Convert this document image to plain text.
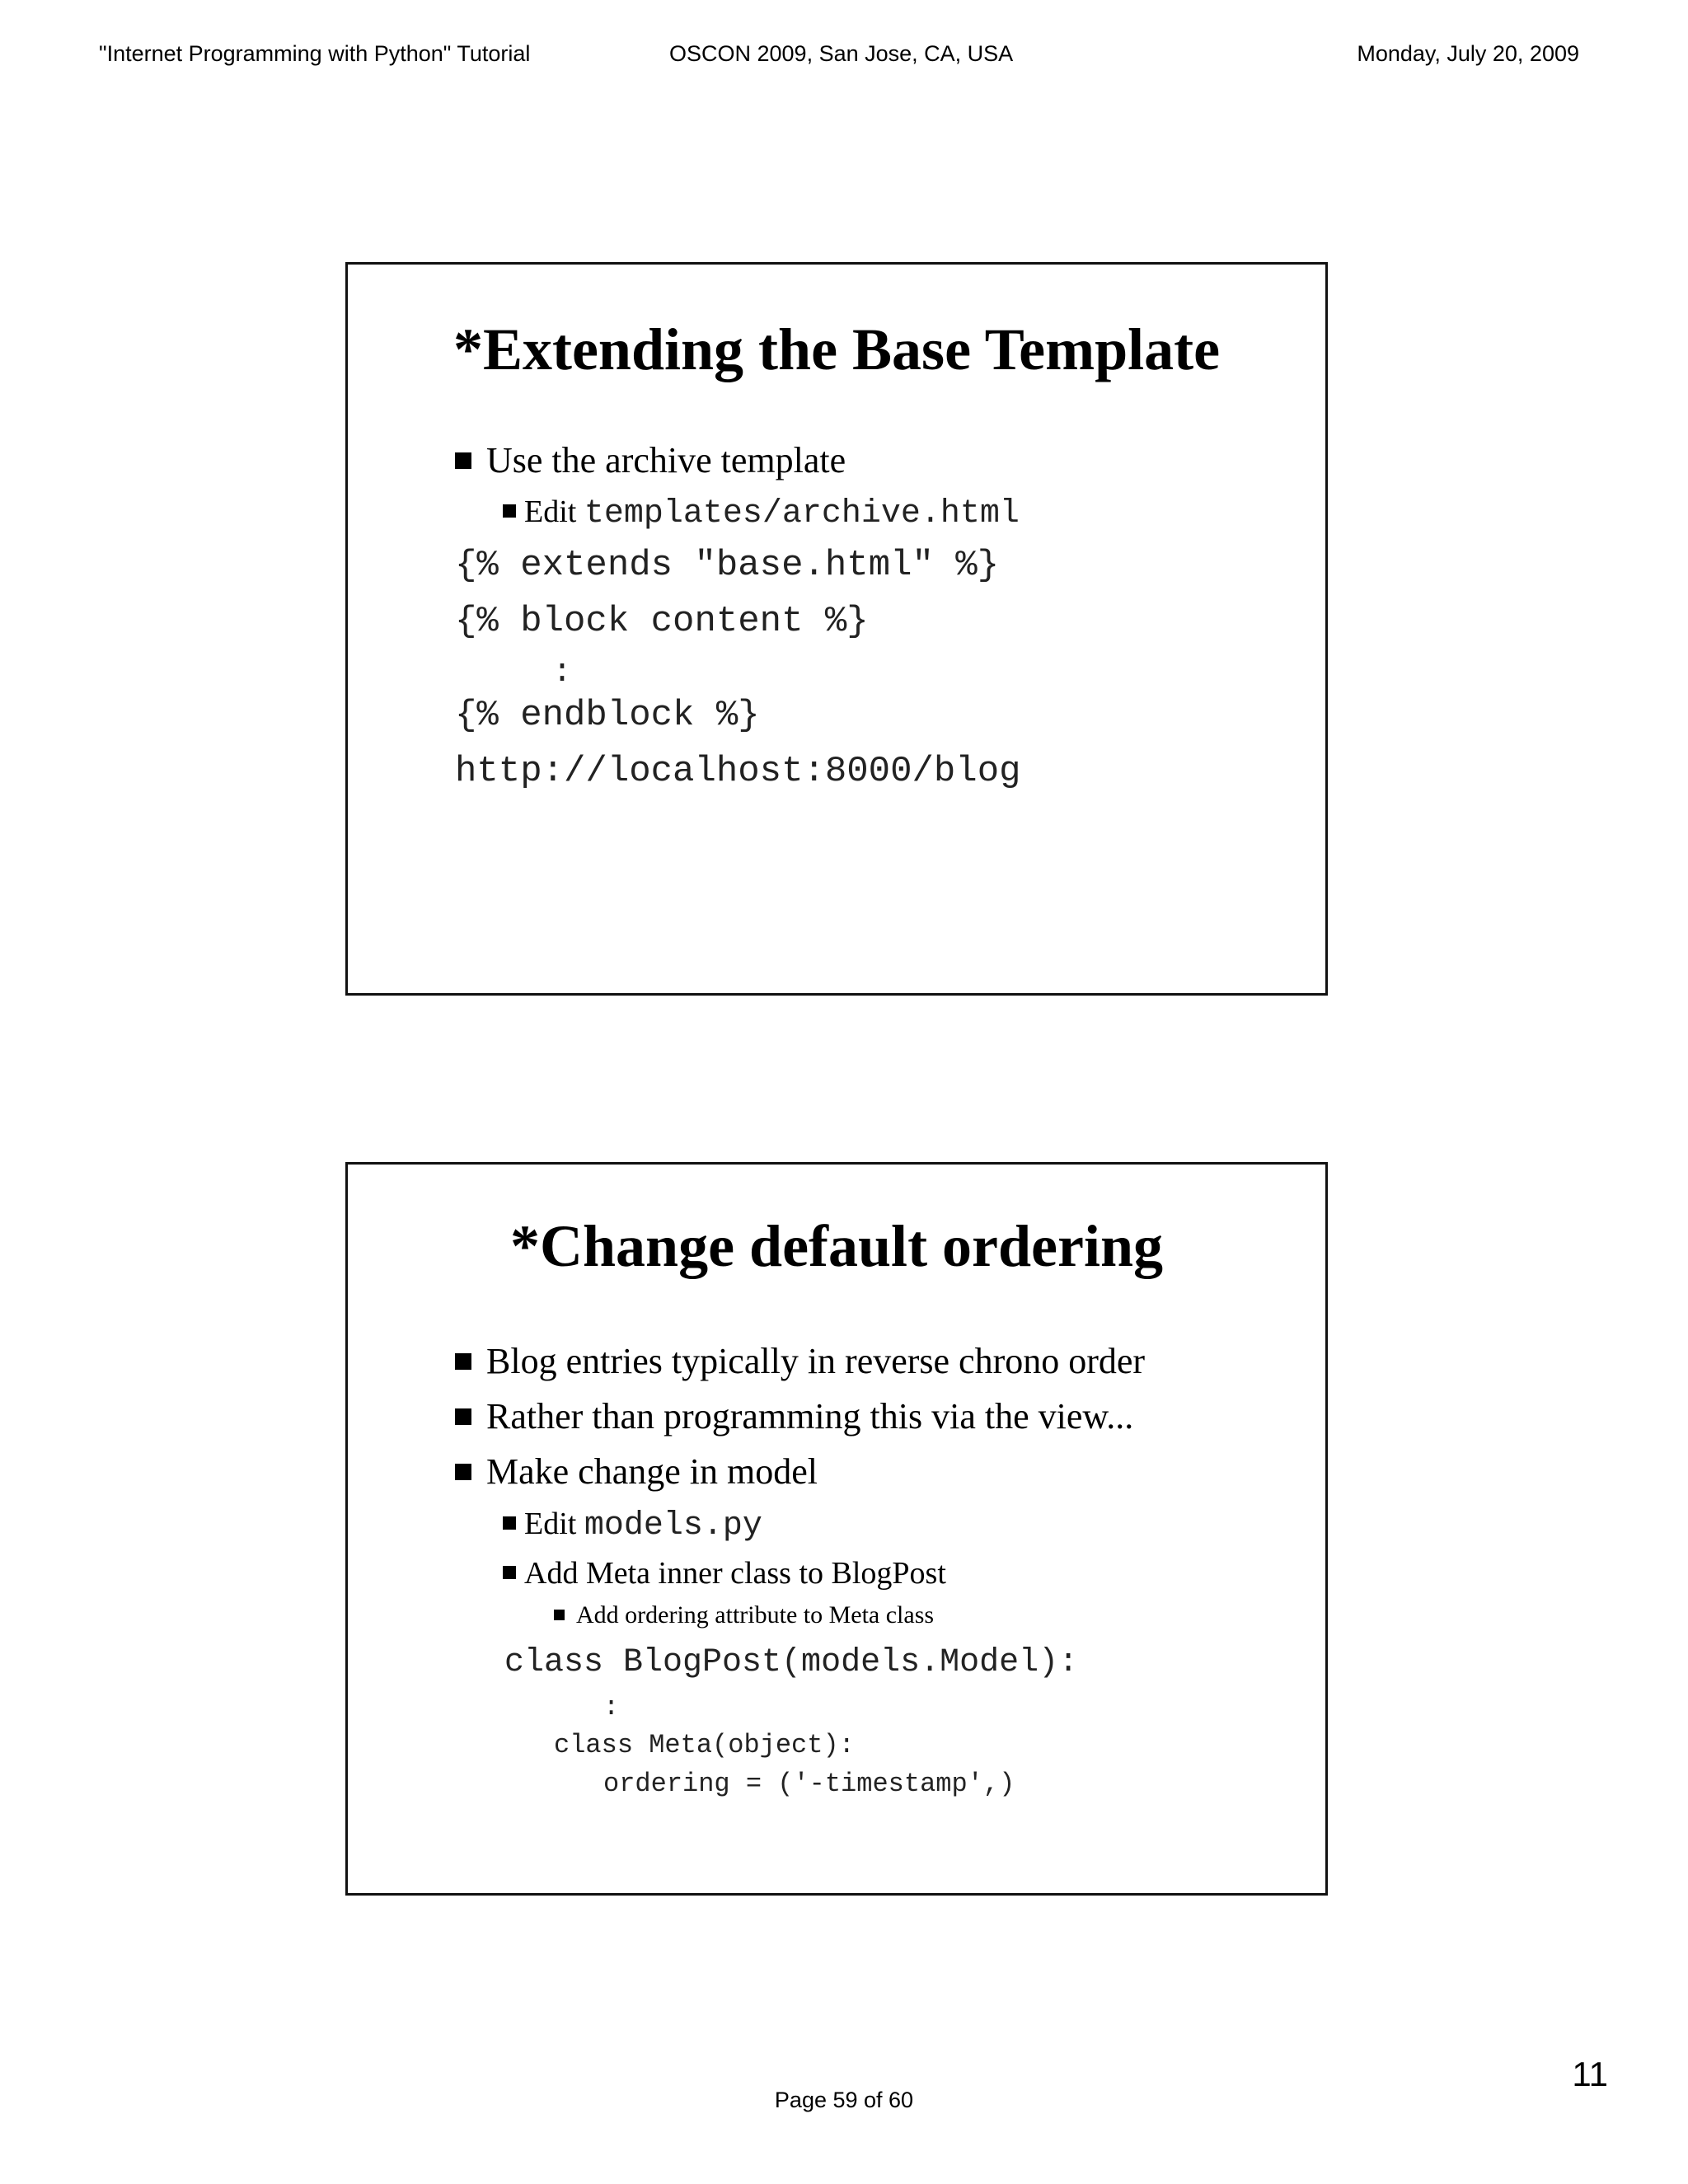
"Internet Programming with Python" Tutorial	OSCON 2009, San Jose, CA, USA	Monday, July 20, 2009
*Extending the Base Template
Use the archive template
Edit templates/archive.html
{% extends "base.html" %}
{% block content %}
:
{% endblock %}
http://localhost:8000/blog
*Change default ordering
Blog entries typically in reverse chrono order
Rather than programming this via the view...
Make change in model
Edit models.py
Add Meta inner class to BlogPost
Add ordering attribute to Meta class
class BlogPost(models.Model):
:
class Meta(object):
ordering = ('-timestamp',)
Page 59 of 60
11
